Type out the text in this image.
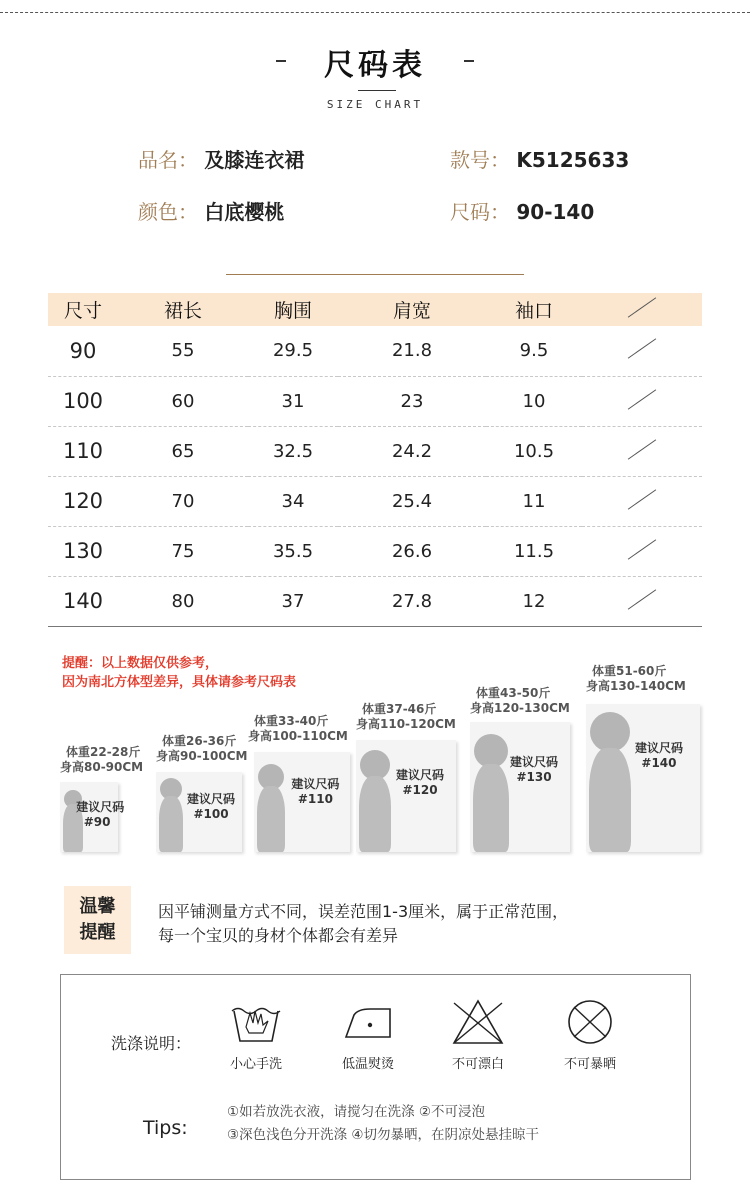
尺码表
SIZE CHART
品名： 及膝连衣裙	款号： K5125633
颜色： 白底樱桃	尺码： 90-140
尺寸	裙长	胸围	肩宽	袖口	
90	55	29.5	21.8	9.5	
100	60	31	23	10	
110	65	32.5	24.2	10.5	
120	70	34	25.4	11	
130	75	35.5	26.6	11.5	
140	80	37	27.8	12	
提醒：以上数据仅供参考，
因为南北方体型差异，具体请参考尺码表
体重22-28斤
身高80-90CM
建议尺码
#90
体重26-36斤
身高90-100CM
建议尺码
#100
体重33-40斤
身高100-110CM
建议尺码
#110
体重37-46斤
身高110-120CM
建议尺码
#120
体重43-50斤
身高120-130CM
建议尺码
#130
体重51-60斤
身高130-140CM
建议尺码
#140
温馨
提醒
因平铺测量方式不同，误差范围1-3厘米，属于正常范围，
每一个宝贝的身材个体都会有差异
洗涤说明：
小心手洗	低温熨烫	不可漂白	不可暴晒
Tips:
①如若放洗衣液，请搅匀在洗涤 ②不可浸泡
③深色浅色分开洗涤 ④切勿暴晒，在阴凉处悬挂晾干
